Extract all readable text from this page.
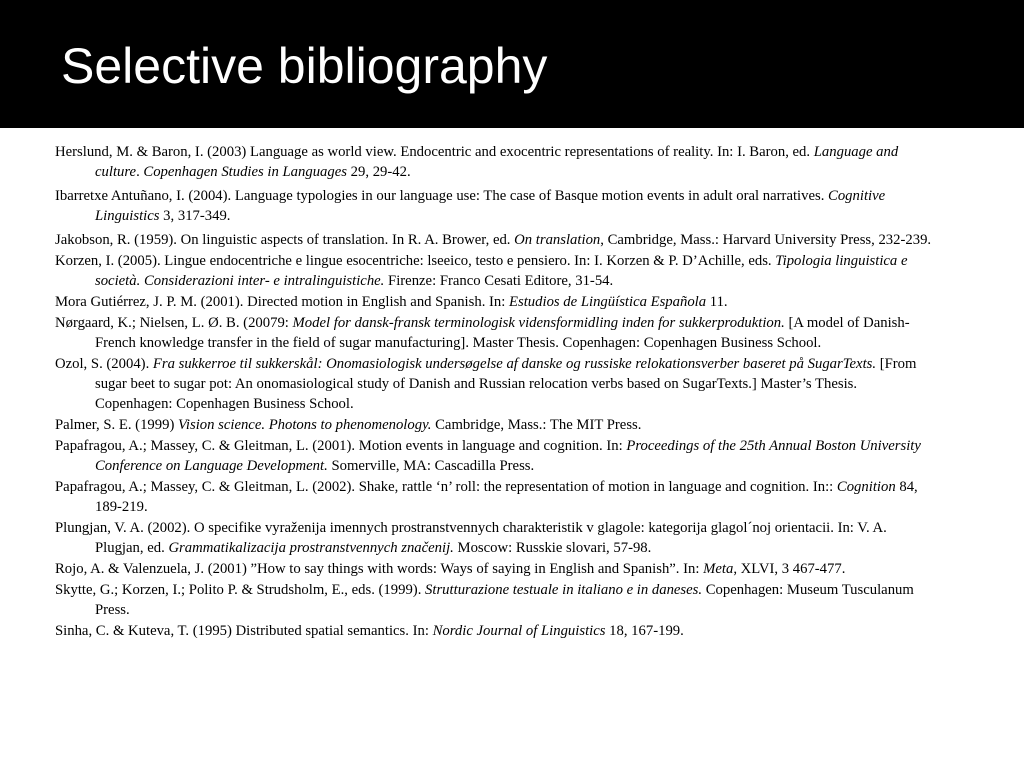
Selective bibliography
Herslund, M. & Baron, I. (2003) Language as world view. Endocentric and exocentric representations of reality. In: I. Baron, ed. Language and culture. Copenhagen Studies in Languages 29, 29-42.
Ibarretxe Antuñano, I. (2004). Language typologies in our language use: The case of Basque motion events in adult oral narratives. Cognitive Linguistics 3, 317-349.
Jakobson, R. (1959). On linguistic aspects of translation. In R. A. Brower, ed. On translation, Cambridge, Mass.: Harvard University Press, 232-239.
Korzen, I. (2005). Lingue endocentriche e lingue esocentriche: lseeico, testo e pensiero. In: I. Korzen & P. D’Achille, eds. Tipologia linguistica e società. Considerazioni inter- e intralinguistiche. Firenze: Franco Cesati Editore, 31-54.
Mora Gutiérrez, J. P. M. (2001). Directed motion in English and Spanish. In: Estudios de Lingüística Española 11.
Nørgaard, K.; Nielsen, L. Ø. B. (20079: Model for dansk-fransk terminologisk vidensformidling inden for sukkerproduktion. [A model of Danish-French knowledge transfer in the field of sugar manufacturing]. Master Thesis. Copenhagen: Copenhagen Business School.
Ozol, S. (2004). Fra sukkerroe til sukkerskål: Onomasiologisk undersøgelse af danske og russiske relokationsverber baseret på SugarTexts. [From sugar beet to sugar pot: An onomasiological study of Danish and Russian relocation verbs based on SugarTexts.] Master’s Thesis. Copenhagen: Copenhagen Business School.
Palmer, S. E. (1999) Vision science. Photons to phenomenology. Cambridge, Mass.: The MIT Press.
Papafragou, A.; Massey, C. & Gleitman, L. (2001). Motion events in language and cognition. In: Proceedings of the 25th Annual Boston University Conference on Language Development. Somerville, MA: Cascadilla Press.
Papafragou, A.; Massey, C. & Gleitman, L. (2002). Shake, rattle ‘n’ roll: the representation of motion in language and cognition. In:: Cognition 84, 189-219.
Plungjan, V. A. (2002). O specifike vyraženija imennych prostranstvennych charakteristik v glagole: kategorija glagol´noj orientacii. In: V. A. Plugjan, ed. Grammatikalizacija prostranstvennych značenij. Moscow: Russkie slovari, 57-98.
Rojo, A. & Valenzuela, J. (2001) ”How to say things with words: Ways of saying in English and Spanish”. In: Meta, XLVI, 3 467-477.
Skytte, G.; Korzen, I.; Polito P. & Strudsholm, E., eds. (1999). Strutturazione testuale in italiano e in daneses. Copenhagen: Museum Tusculanum Press.
Sinha, C. & Kuteva, T. (1995) Distributed spatial semantics. In: Nordic Journal of Linguistics 18, 167-199.
